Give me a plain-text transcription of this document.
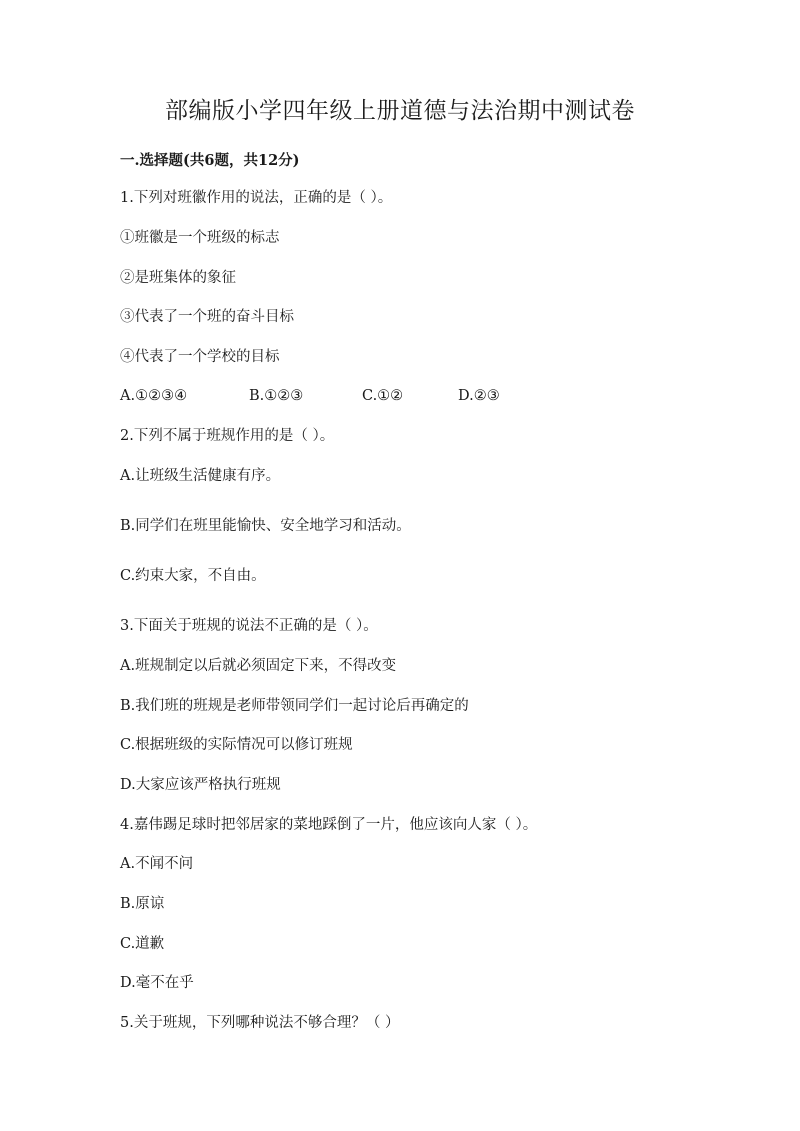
部编版小学四年级上册道德与法治期中测试卷
一.选择题(共6题，共12分)
1.下列对班徽作用的说法，正确的是（ ）。
①班徽是一个班级的标志
②是班集体的象征
③代表了一个班的奋斗目标
④代表了一个学校的目标
A.①②③④	B.①②③	C.①②	D.②③
2.下列不属于班规作用的是（ ）。
A.让班级生活健康有序。
B.同学们在班里能愉快、安全地学习和活动。
C.约束大家，不自由。
3.下面关于班规的说法不正确的是（ ）。
A.班规制定以后就必须固定下来，不得改变
B.我们班的班规是老师带领同学们一起讨论后再确定的
C.根据班级的实际情况可以修订班规
D.大家应该严格执行班规
4.嘉伟踢足球时把邻居家的菜地踩倒了一片，他应该向人家（ ）。
A.不闻不问
B.原谅
C.道歉
D.毫不在乎
5.关于班规，下列哪种说法不够合理？（ ）
